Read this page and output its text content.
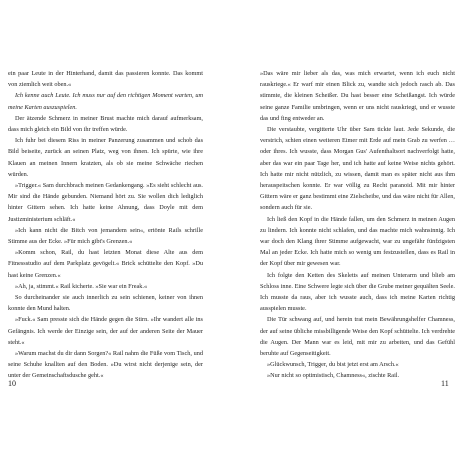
ein paar Leute in der Hinterhand, damit das passieren konnte. Das kommt von ziemlich weit oben.«

Ich kenne auch Leute. Ich muss nur auf den richtigen Moment warten, um meine Karten auszuspielen.

Der ätzende Schmerz in meiner Brust machte mich darauf aufmerksam, dass mich gleich ein Bild von ihr treffen würde.

Ich fuhr bei diesem Riss in meiner Panzerung zusammen und schob das Bild beiseite, zurück an seinen Platz, weg von ihnen. Ich spürte, wie ihre Klauen an meinen Innern kratzten, als ob sie meine Schwäche riechen würden.

»Trigger.« Sam durchbrach meinen Gedankengang. »Es sieht schlecht aus. Mir sind die Hände gebunden. Niemand hört zu. Sie wollen dich lediglich hinter Gittern sehen. Ich hatte keine Ahnung, dass Doyle mit dem Justizministerium schläft.«

»Ich kann nicht die Bitch von jemandem sein«, ertönte Rails schrille Stimme aus der Ecke. »Für mich gibt's Grenzen.«

»Komm schon, Rail, du hast letzten Monat diese Alte aus dem Fitnessstudio auf dem Parkplatz gevögelt.« Brick schüttelte den Kopf. »Du hast keine Grenzen.«

»Ah, ja, stimmt.« Rail kicherte. »Sie war ein Freak.«

So durcheinander sie auch innerlich zu sein schienen, keiner von ihnen konnte den Mund halten.

»Fuck.« Sam presste sich die Hände gegen die Stirn. »Ihr wandert alle ins Gefängnis. Ich werde der Einzige sein, der auf der anderen Seite der Mauer steht.«

»Warum machst du dir dann Sorgen?« Rail nahm die Füße vom Tisch, und seine Schuhe knallten auf den Boden. »Du wirst nicht derjenige sein, der unter der Gemeinschaftsdusche geht.«

10

»Das wäre mir lieber als das, was mich erwartet, wenn ich euch nicht rauskriege.« Er warf mir einen Blick zu, wandte sich jedoch rasch ab. Das stimmte, die kleinen Scheißer. Du hast besser eine Scheißangst. Ich würde seine ganze Familie umbringen, wenn er uns nicht rauskriegt, und er wusste das und fing entweder an.

Die verstaubte, vergitterte Uhr über Sam tickte laut. Jede Sekunde, die verstrich, schien einen weiteren Eimer mit Erde auf mein Grab zu werfen … oder ihres. Ich wusste, dass Morgan Gus' Aufenthaltsort nachverfolgt hatte, aber das war ein paar Tage her, und ich hatte auf keine Weise nichts gehört. Ich hatte mir nicht nützlich, zu wissen, damit man es später nicht aus ihm herauspeitschen konnte. Er war völlig zu Recht paranoid. Mit mir hinter Gittern wäre er ganz bestimmt eine Zielscheibe, und das wäre nicht für Allen, sondern auch für sie.

Ich ließ den Kopf in die Hände fallen, um den Schmerz in meinen Augen zu lindern. Ich konnte nicht schlafen, und das machte mich wahnsinnig. Ich war doch den Klang ihrer Stimme aufgewacht, war zu ungefähr fünfzigsten Mal an jeder Ecke. Ich hatte mich so wenig um festzustellen, dass es Rail in der Kopf über mir gewesen war.

Ich folgte den Ketten des Skeletts auf meinen Unterarm und blieb am Schloss inne. Eine Schwere legte sich über die Grube meiner gequälten Seele. Ich musste da raus, aber ich wusste auch, dass ich meine Karten richtig ausspielen musste.

Die Tür schwang auf, und herein trat mein Bewährungshelfer Chamness, der auf seine übliche missbilligende Weise den Kopf schüttelte. Ich verdrehte die Augen. Der Mann war es leid, mit mir zu arbeiten, und das Gefühl beruhte auf Gegenseitigkeit.

»Glückwunsch, Trigger, du bist jetzt erst am Arsch.«

»Nur nicht so optimistisch, Chamness«, zischte Rail.

11
